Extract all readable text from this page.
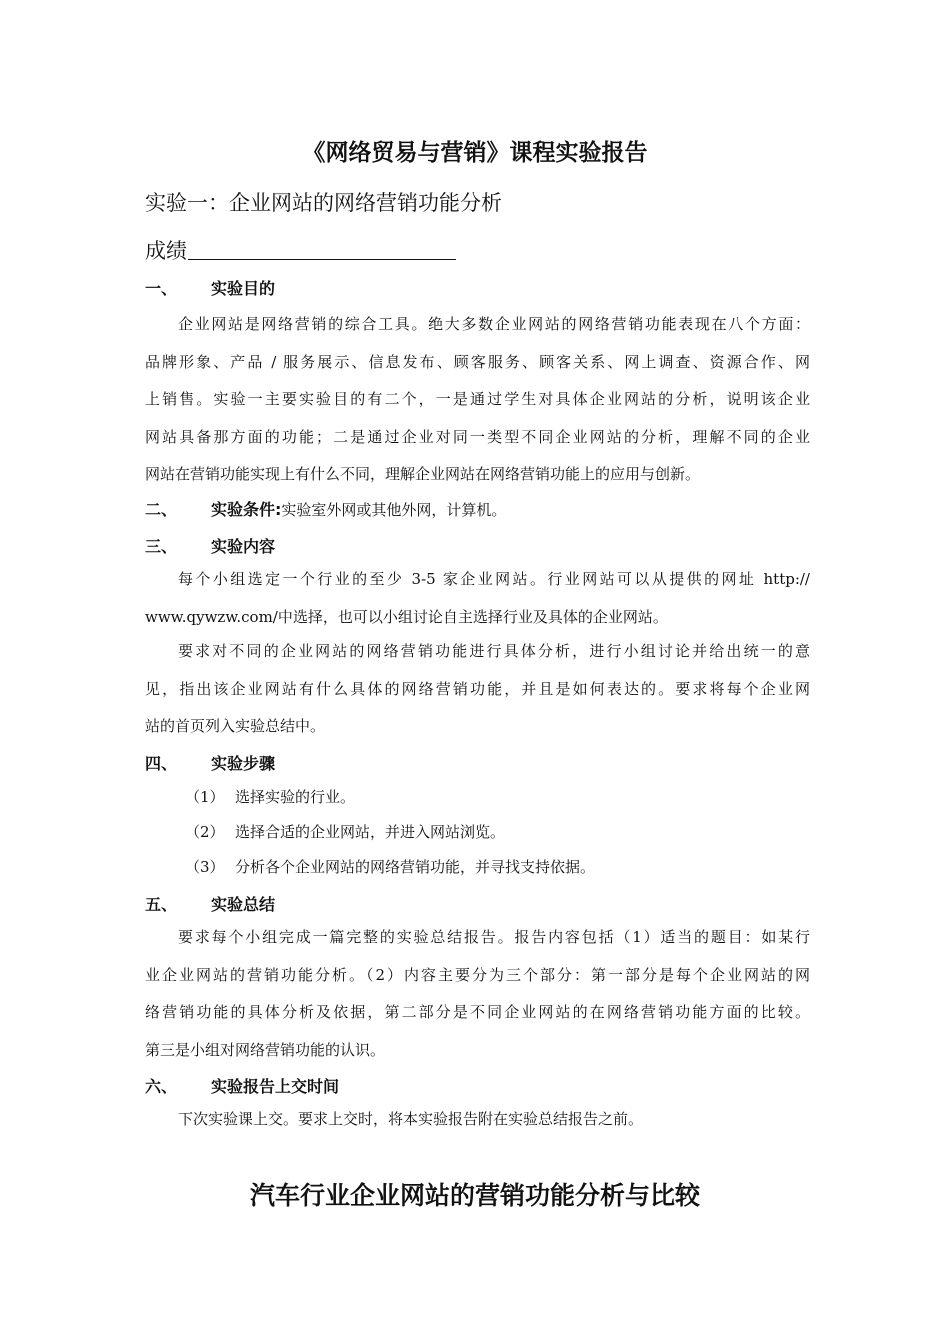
《网络贸易与营销》课程实验报告
实验一：企业网站的网络营销功能分析
成绩
一、 实验目的
企业网站是网络营销的综合工具。绝大多数企业网站的网络营销功能表现在八个方面：
品牌形象、产品 / 服务展示、信息发布、顾客服务、顾客关系、网上调查、资源合作、网
上销售。实验一主要实验目的有二个，一是通过学生对具体企业网站的分析，说明该企业
网站具备那方面的功能；二是通过企业对同一类型不同企业网站的分析，理解不同的企业
网站在营销功能实现上有什么不同，理解企业网站在网络营销功能上的应用与创新。
二、 实验条件:实验室外网或其他外网，计算机。
三、 实验内容
每个小组选定一个行业的至少 3-5 家企业网站。行业网站可以从提供的网址 http://
www.qywzw.com/中选择，也可以小组讨论自主选择行业及具体的企业网站。
要求对不同的企业网站的网络营销功能进行具体分析，进行小组讨论并给出统一的意
见，指出该企业网站有什么具体的网络营销功能，并且是如何表达的。要求将每个企业网
站的首页列入实验总结中。
四、 实验步骤
（1） 选择实验的行业。
（2） 选择合适的企业网站，并进入网站浏览。
（3） 分析各个企业网站的网络营销功能，并寻找支持依据。
五、 实验总结
要求每个小组完成一篇完整的实验总结报告。报告内容包括（1）适当的题目：如某行
业企业网站的营销功能分析。（2）内容主要分为三个部分：第一部分是每个企业网站的网
络营销功能的具体分析及依据，第二部分是不同企业网站的在网络营销功能方面的比较。
第三是小组对网络营销功能的认识。
六、 实验报告上交时间
下次实验课上交。要求上交时，将本实验报告附在实验总结报告之前。
汽车行业企业网站的营销功能分析与比较
